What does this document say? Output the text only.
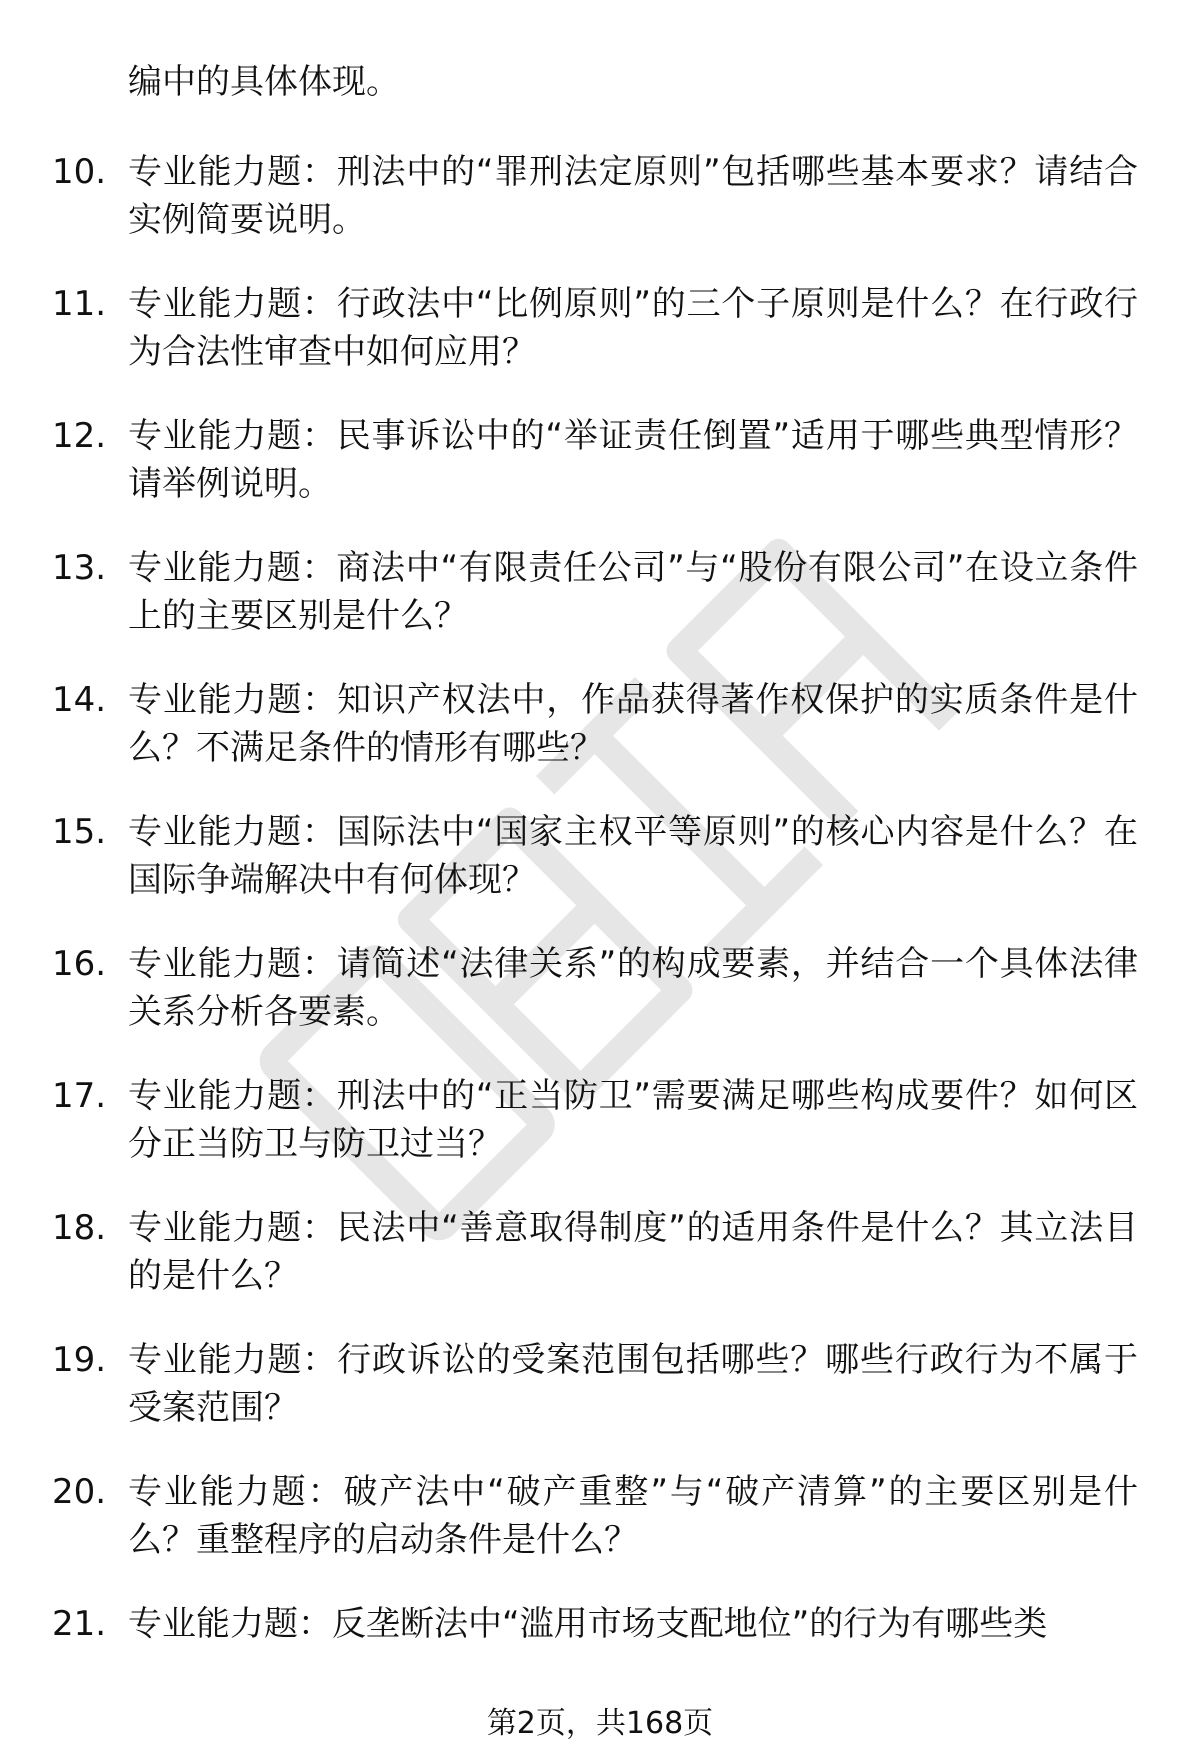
编中的具体体现。
10. 专业能力题：刑法中的“罪刑法定原则”包括哪些基本要求？请结合实例简要说明。
11. 专业能力题：行政法中“比例原则”的三个子原则是什么？在行政行为合法性审查中如何应用？
12. 专业能力题：民事诉讼中的“举证责任倒置”适用于哪些典型情形？请举例说明。
13. 专业能力题：商法中“有限责任公司”与“股份有限公司”在设立条件上的主要区别是什么？
14. 专业能力题：知识产权法中，作品获得著作权保护的实质条件是什么？不满足条件的情形有哪些？
15. 专业能力题：国际法中“国家主权平等原则”的核心内容是什么？在国际争端解决中有何体现？
16. 专业能力题：请简述“法律关系”的构成要素，并结合一个具体法律关系分析各要素。
17. 专业能力题：刑法中的“正当防卫”需要满足哪些构成要件？如何区分正当防卫与防卫过当？
18. 专业能力题：民法中“善意取得制度”的适用条件是什么？其立法目的是什么？
19. 专业能力题：行政诉讼的受案范围包括哪些？哪些行政行为不属于受案范围？
20. 专业能力题：破产法中“破产重整”与“破产清算”的主要区别是什么？重整程序的启动条件是什么？
21. 专业能力题：反垄断法中“滥用市场支配地位”的行为有哪些类
第2页，共168页
